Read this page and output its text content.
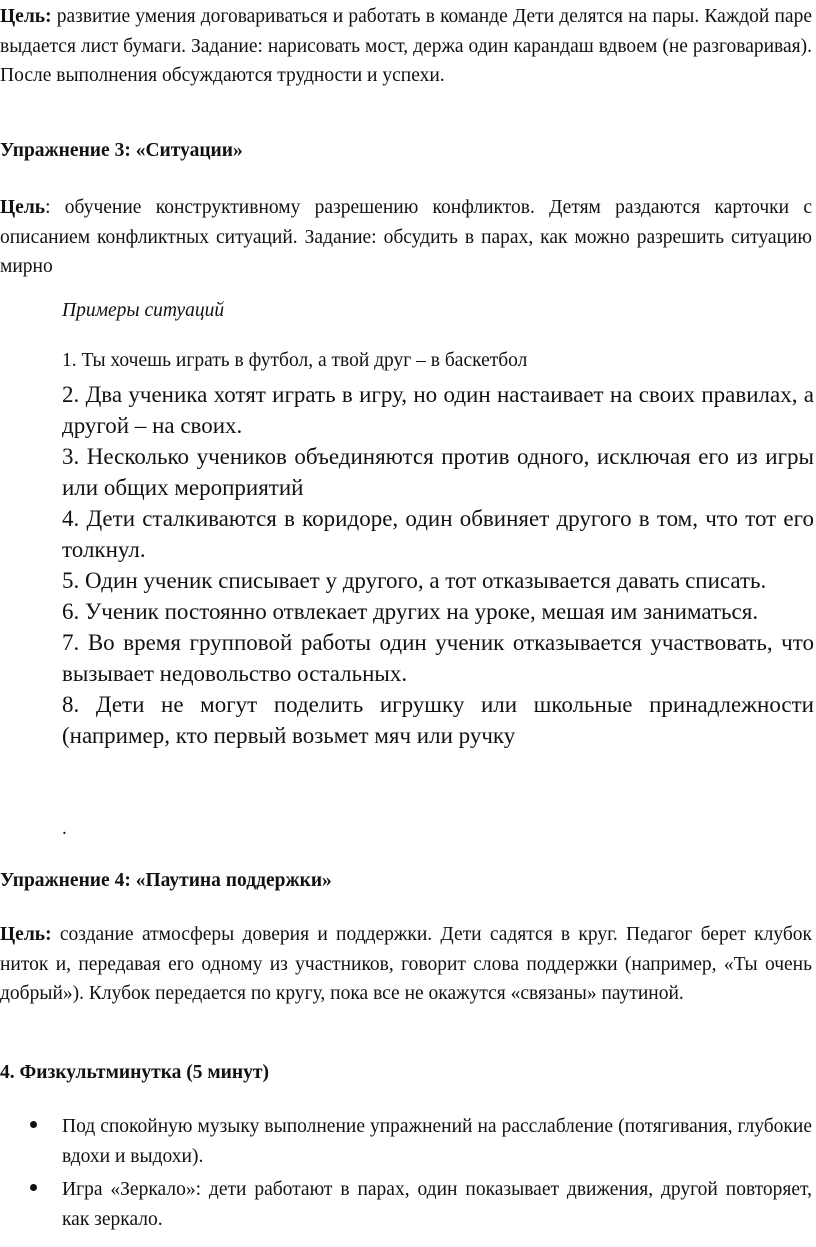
Цель: развитие умения договариваться и работать в команде Дети делятся на пары. Каждой паре выдается лист бумаги. Задание: нарисовать мост, держа один карандаш вдвоем (не разговаривая). После выполнения обсуждаются трудности и успехи.

Упражнение 3: «Ситуации»

Цель: обучение конструктивному разрешению конфликтов. Детям раздаются карточки с описанием конфликтных ситуаций. Задание: обсудить в парах, как можно разрешить ситуацию мирно

Примеры ситуаций

1. Ты хочешь играть в футбол, а твой друг – в баскетбол

2. Два ученика хотят играть в игру, но один настаивает на своих правилах, а другой – на своих.

3. Несколько учеников объединяются против одного, исключая его из игры или общих мероприятий

4. Дети сталкиваются в коридоре, один обвиняет другого в том, что тот его толкнул.

5. Один ученик списывает у другого, а тот отказывается давать списать.

6. Ученик постоянно отвлекает других на уроке, мешая им заниматься.

7. Во время групповой работы один ученик отказывается участвовать, что вызывает недовольство остальных.

8. Дети не могут поделить игрушку или школьные принадлежности (например, кто первый возьмет мяч или ручку

.

Упражнение 4: «Паутина поддержки»

Цель: создание атмосферы доверия и поддержки. Дети садятся в круг. Педагог берет клубок ниток и, передавая его одному из участников, говорит слова поддержки (например, «Ты очень добрый»). Клубок передается по кругу, пока все не окажутся «связаны» паутиной.

4. Физкультминутка (5 минут)

Под спокойную музыку выполнение упражнений на расслабление (потягивания, глубокие вдохи и выдохи).

Игра «Зеркало»: дети работают в парах, один показывает движения, другой повторяет, как зеркало.
